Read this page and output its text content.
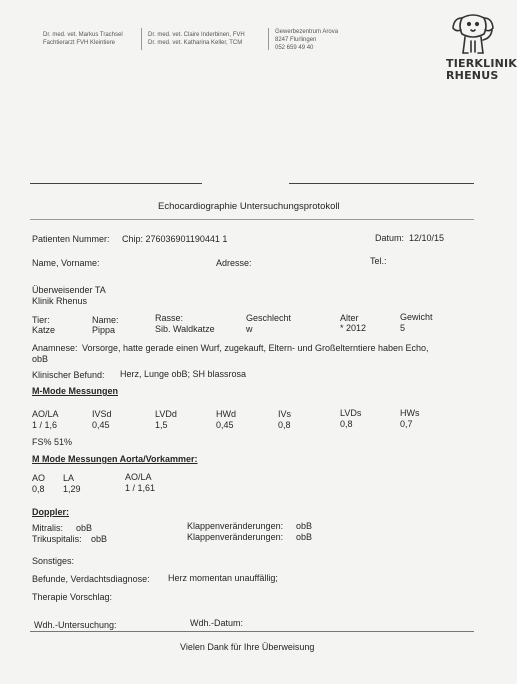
Dr. med. vet. Markus Trachsel
Fachtierarzt FVH Kleintiere
Dr. med. vet. Claire Inderbinen, FVH
Dr. med. vet. Katharina Keller, TCM
Gewerbezentrum Arova
8247 Flurlingen
052 659 49 40
TIERKLINIK
RHENUS
Echocardiographie Untersuchungsprotokoll
Patienten Nummer: Chip: 276036901190441 1	Datum: 12/10/15
Name, Vorname:	Adresse:	Tel.:
Überweisender TA
Klinik Rhenus
Tier:	Name:	Rasse:	Geschlecht	Alter	Gewicht
Katze	Pippa	Sib. Waldkatze	w	* 2012	5
Anamnese: Vorsorge, hatte gerade einen Wurf, zugekauft, Eltern- und Großelterntiere haben Echo,
obB
Klinischer Befund: Herz, Lunge obB; SH blassrosa
M-Mode Messungen
AO/LA	IVSd	LVDd	HWd	IVs	LVDs	HWs
1 / 1,6	0,45	1,5	0,45	0,8	0,8	0,7
FS% 51%
M Mode Messungen Aorta/Vorkammer:
AO LA	AO/LA
0,8 1,29	1 / 1,61
Doppler:
Mitralis: obB	Klappenveränderungen: obB
Trikuspitalis: obB	Klappenveränderungen: obB
Sonstiges:
Befunde, Verdachtsdiagnose: Herz momentan unauffällig;
Therapie Vorschlag:
Wdh.-Untersuchung:	Wdh.-Datum:
Vielen Dank für Ihre Überweisung
